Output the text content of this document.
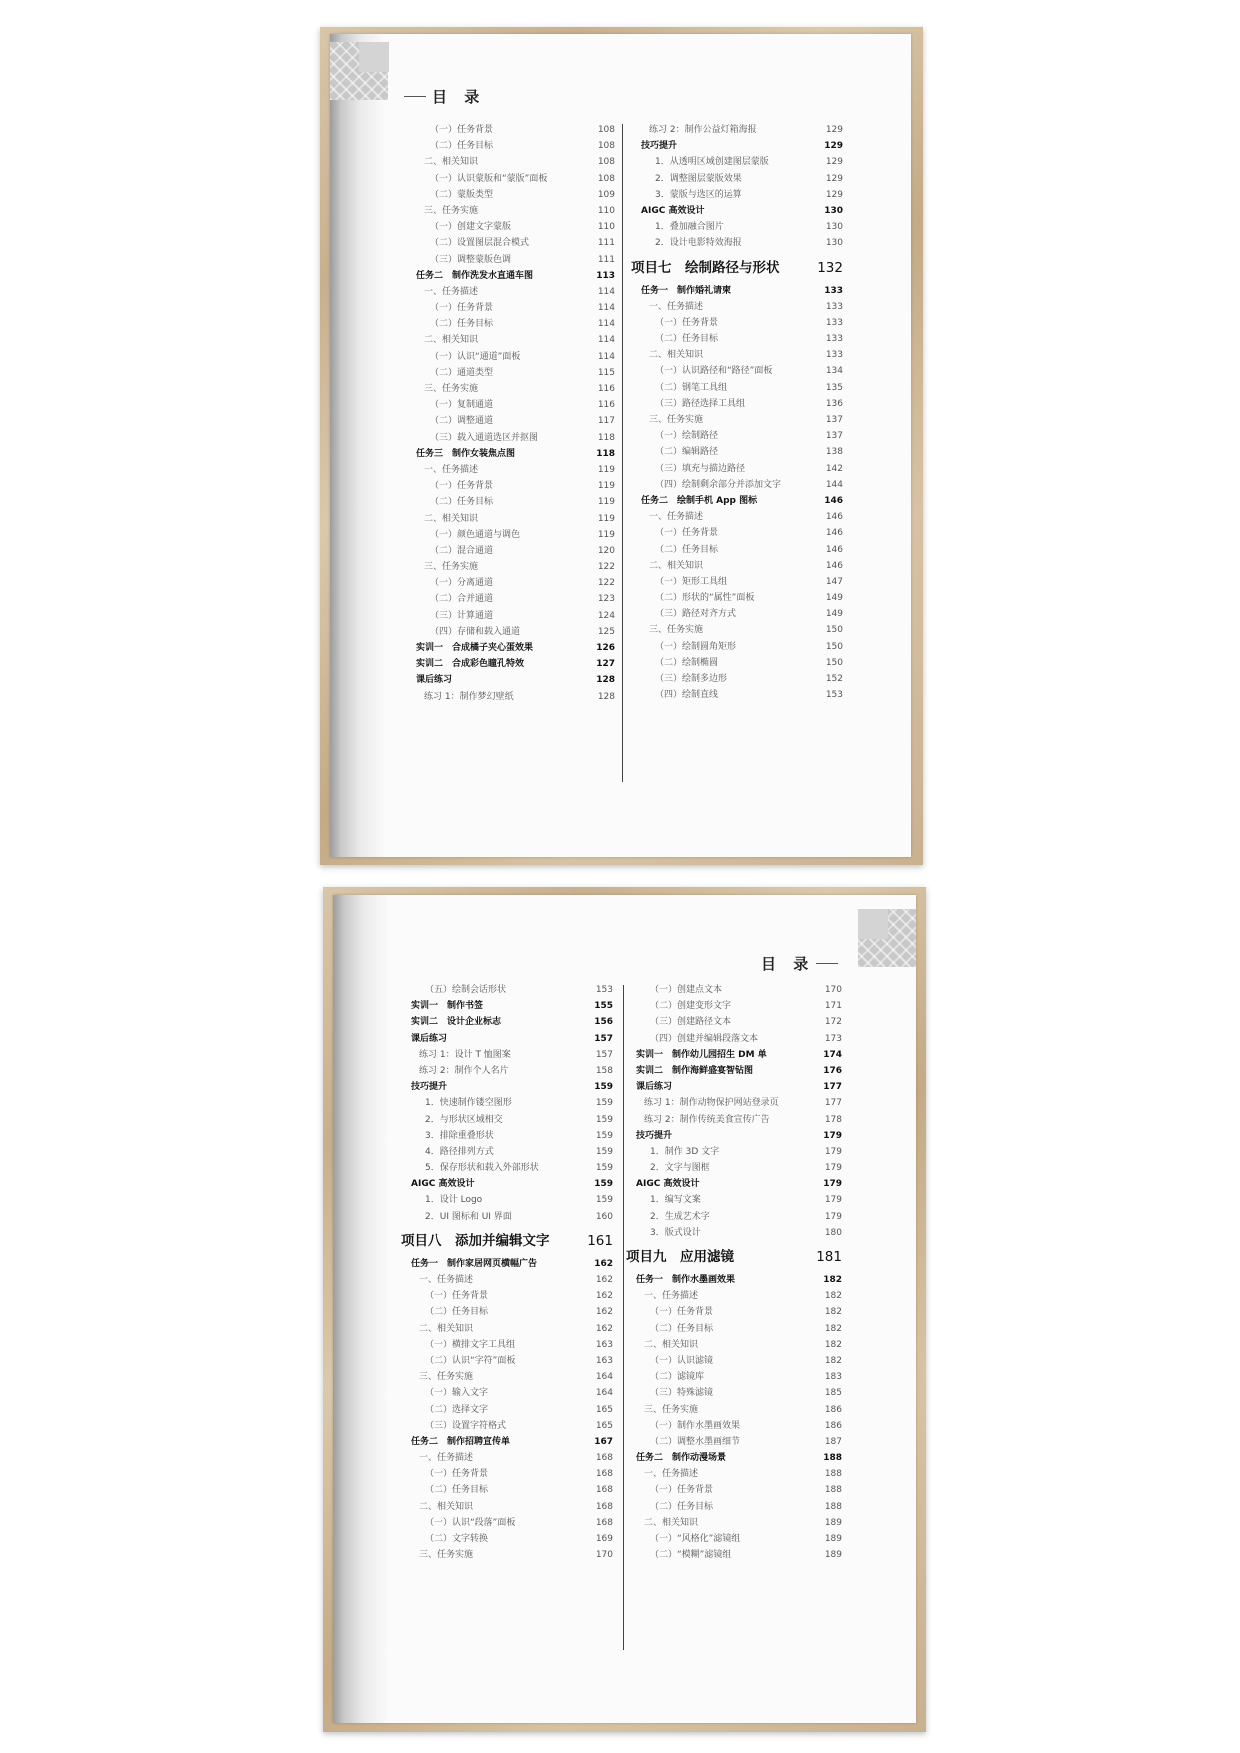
目 录
（一）任务背景	108
（二）任务目标	108
二、相关知识	108
（一）认识蒙版和“蒙版”面板	108
（二）蒙版类型	109
三、任务实施	110
（一）创建文字蒙版	110
（二）设置图层混合模式	111
（三）调整蒙版色调	111
任务二　制作洗发水直通车图	113
一、任务描述	114
（一）任务背景	114
（二）任务目标	114
二、相关知识	114
（一）认识“通道”面板	114
（二）通道类型	115
三、任务实施	116
（一）复制通道	116
（二）调整通道	117
（三）载入通道选区并抠图	118
任务三　制作女装焦点图	118
一、任务描述	119
（一）任务背景	119
（二）任务目标	119
二、相关知识	119
（一）颜色通道与调色	119
（二）混合通道	120
三、任务实施	122
（一）分离通道	122
（二）合并通道	123
（三）计算通道	124
（四）存储和载入通道	125
实训一　合成橘子夹心蛋效果	126
实训二　合成彩色瞳孔特效	127
课后练习	128
练习 1：制作梦幻壁纸	128
练习 2：制作公益灯箱海报	129
技巧提升	129
1．从透明区域创建图层蒙版	129
2．调整图层蒙版效果	129
3．蒙版与选区的运算	129
AIGC 高效设计	130
1．叠加融合图片	130
2．设计电影特效海报	130
项目七　绘制路径与形状	132
任务一　制作婚礼请柬	133
一、任务描述	133
（一）任务背景	133
（二）任务目标	133
二、相关知识	133
（一）认识路径和“路径”面板	134
（二）钢笔工具组	135
（三）路径选择工具组	136
三、任务实施	137
（一）绘制路径	137
（二）编辑路径	138
（三）填充与描边路径	142
（四）绘制剩余部分并添加文字	144
任务二　绘制手机 App 图标	146
一、任务描述	146
（一）任务背景	146
（二）任务目标	146
二、相关知识	146
（一）矩形工具组	147
（二）形状的“属性”面板	149
（三）路径对齐方式	149
三、任务实施	150
（一）绘制圆角矩形	150
（二）绘制椭圆	150
（三）绘制多边形	152
（四）绘制直线	153
目 录
（五）绘制会话形状	153
实训一　制作书签	155
实训二　设计企业标志	156
课后练习	157
练习 1：设计 T 恤图案	157
练习 2：制作个人名片	158
技巧提升	159
1．快速制作镂空图形	159
2．与形状区域相交	159
3．排除重叠形状	159
4．路径排列方式	159
5．保存形状和载入外部形状	159
AIGC 高效设计	159
1．设计 Logo	159
2．UI 图标和 UI 界面	160
项目八　添加并编辑文字	161
任务一　制作家居网页横幅广告	162
一、任务描述	162
（一）任务背景	162
（二）任务目标	162
二、相关知识	162
（一）横排文字工具组	163
（二）认识“字符”面板	163
三、任务实施	164
（一）输入文字	164
（二）选择文字	165
（三）设置字符格式	165
任务二　制作招聘宣传单	167
一、任务描述	168
（一）任务背景	168
（二）任务目标	168
二、相关知识	168
（一）认识“段落”面板	168
（二）文字转换	169
三、任务实施	170
（一）创建点文本	170
（二）创建变形文字	171
（三）创建路径文本	172
（四）创建并编辑段落文本	173
实训一　制作幼儿园招生 DM 单	174
实训二　制作海鲜盛宴智钻图	176
课后练习	177
练习 1：制作动物保护网站登录页	177
练习 2：制作传统美食宣传广告	178
技巧提升	179
1．制作 3D 文字	179
2．文字与图框	179
AIGC 高效设计	179
1．编写文案	179
2．生成艺术字	179
3．版式设计	180
项目九　应用滤镜	181
任务一　制作水墨画效果	182
一、任务描述	182
（一）任务背景	182
（二）任务目标	182
二、相关知识	182
（一）认识滤镜	182
（二）滤镜库	183
（三）特殊滤镜	185
三、任务实施	186
（一）制作水墨画效果	186
（二）调整水墨画细节	187
任务二　制作动漫场景	188
一、任务描述	188
（一）任务背景	188
（二）任务目标	188
二、相关知识	189
（一）“风格化”滤镜组	189
（二）“模糊”滤镜组	189
